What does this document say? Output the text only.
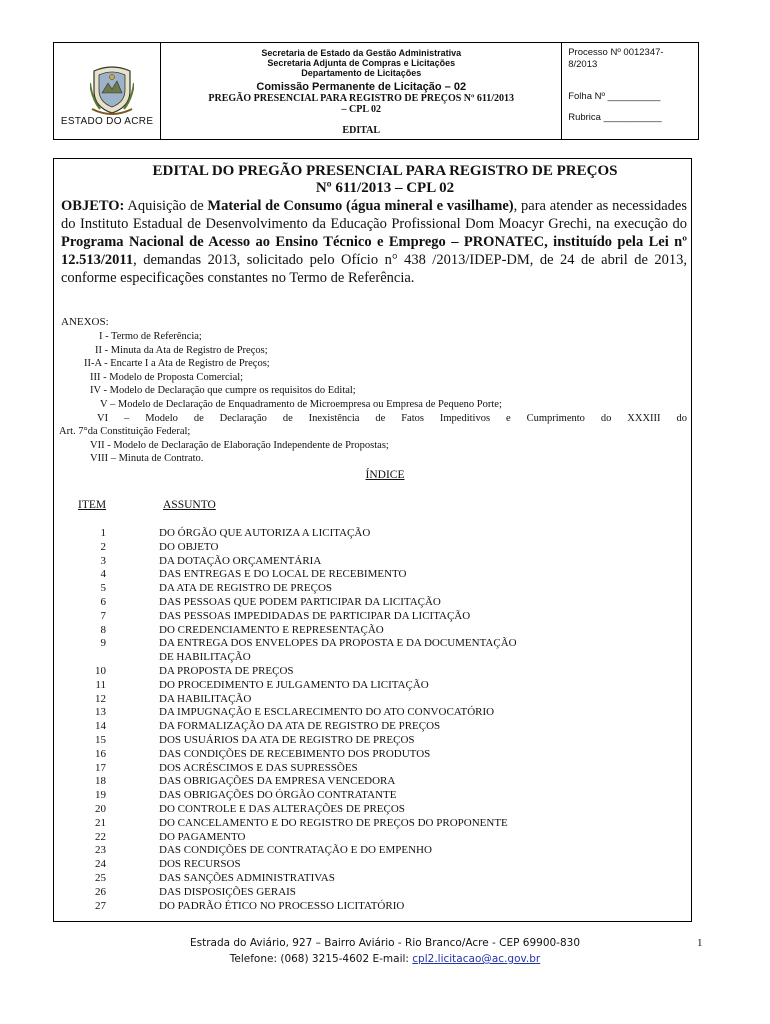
ESTADO DO ACRE
Secretaria de Estado da Gestão Administrativa
Secretaria Adjunta de Compras e Licitações
Departamento de Licitações
Comissão Permanente de Licitação – 02
PREGÃO PRESENCIAL PARA REGISTRO DE PREÇOS Nº 611/2013
– CPL 02
EDITAL
Processo Nº 0012347-8/2013
Folha Nº __________
Rubrica ___________
EDITAL DO PREGÃO PRESENCIAL PARA REGISTRO DE PREÇOS
Nº 611/2013 – CPL 02
OBJETO: Aquisição de Material de Consumo (água mineral e vasilhame), para atender as necessidades do Instituto Estadual de Desenvolvimento da Educação Profissional Dom Moacyr Grechi, na execução do Programa Nacional de Acesso ao Ensino Técnico e Emprego – PRONATEC, instituído pela Lei nº 12.513/2011, demandas 2013, solicitado pelo Ofício n° 438 /2013/IDEP-DM, de 24 de abril de 2013, conforme especificações constantes no Termo de Referência.
ANEXOS:
I - Termo de Referência;
II - Minuta da Ata de Registro de Preços;
II-A - Encarte I a Ata de Registro de Preços;
III - Modelo de Proposta Comercial;
IV - Modelo de Declaração que cumpre os requisitos do Edital;
V – Modelo de Declaração de Enquadramento de Microempresa ou Empresa de Pequeno Porte;
VI – Modelo de Declaração de Inexistência de Fatos Impeditivos e Cumprimento do XXXIII do
Art. 7°da Constituição Federal;
VII - Modelo de Declaração de Elaboração Independente de Propostas;
VIII – Minuta de Contrato.
ÍNDICE
ITEM	ASSUNTO
1	DO ÓRGÃO QUE AUTORIZA A LICITAÇÃO
2	DO OBJETO
3	DA DOTAÇÃO ORÇAMENTÁRIA
4	DAS ENTREGAS E DO LOCAL DE RECEBIMENTO
5	DA ATA DE REGISTRO DE PREÇOS
6	DAS PESSOAS QUE PODEM PARTICIPAR DA LICITAÇÃO
7	DAS PESSOAS IMPEDIDADAS DE PARTICIPAR DA LICITAÇÃO
8	DO CREDENCIAMENTO E REPRESENTAÇÃO
9	DA ENTREGA DOS ENVELOPES DA PROPOSTA E DA DOCUMENTAÇÃO
DE HABILITAÇÃO
10	DA PROPOSTA DE PREÇOS
11	DO PROCEDIMENTO E JULGAMENTO DA LICITAÇÃO
12	DA HABILITAÇÃO
13	DA IMPUGNAÇÃO E ESCLARECIMENTO DO ATO CONVOCATÓRIO
14	DA FORMALIZAÇÃO DA ATA DE REGISTRO DE PREÇOS
15	DOS USUÁRIOS DA ATA DE REGISTRO DE PREÇOS
16	DAS CONDIÇÕES DE RECEBIMENTO DOS PRODUTOS
17	DOS ACRÉSCIMOS E DAS SUPRESSÕES
18	DAS OBRIGAÇÕES DA EMPRESA VENCEDORA
19	DAS OBRIGAÇÕES DO ÓRGÃO CONTRATANTE
20	DO CONTROLE E DAS ALTERAÇÕES DE PREÇOS
21	DO CANCELAMENTO E DO REGISTRO DE PREÇOS DO PROPONENTE
22	DO PAGAMENTO
23	DAS CONDIÇÕES DE CONTRATAÇÃO E DO EMPENHO
24	DOS RECURSOS
25	DAS SANÇÕES ADMINISTRATIVAS
26	DAS DISPOSIÇÕES GERAIS
27	DO PADRÃO ÉTICO NO PROCESSO LICITATÓRIO
Estrada do Aviário, 927 – Bairro Aviário - Rio Branco/Acre - CEP 69900-830
Telefone: (068) 3215-4602 E-mail: cpl2.licitacao@ac.gov.br
1
